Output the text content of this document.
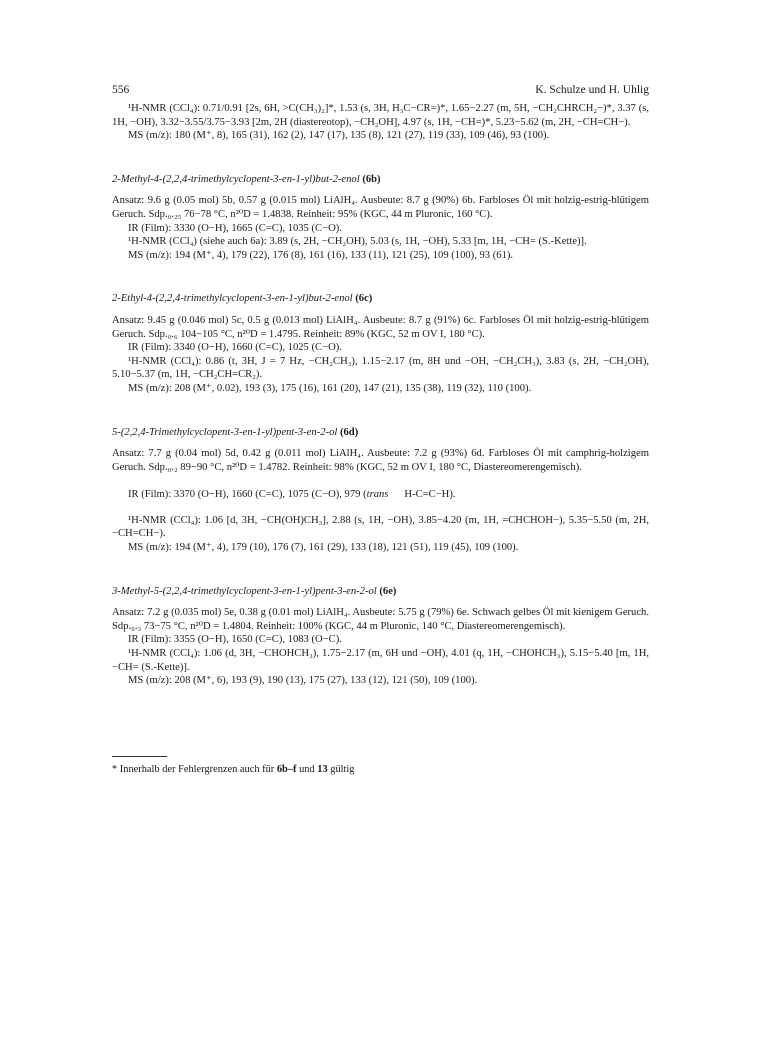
556	K. Schulze und H. Uhlig

¹H-NMR (CCl₄): 0.71/0.91 [2s, 6H, >C(CH₃)₂]*, 1.53 (s, 3H, H₃C−CR=)*, 1.65−2.27 (m, 5H, −CH₂CHRCH₂−)*, 3.37 (s, 1H, −OH), 3.32−3.55/3.75−3.93 [2m, 2H (diastereotop), −CH₂OH], 4.97 (s, 1H, −CH=)*, 5.23−5.62 (m, 2H, −CH=CH−).

MS (m/z): 180 (M⁺, 8), 165 (31), 162 (2), 147 (17), 135 (8), 121 (27), 119 (33), 109 (46), 93 (100).

2-Methyl-4-(2,2,4-trimethylcyclopent-3-en-1-yl)but-2-enol (6b)

Ansatz: 9.6 g (0.05 mol) 5b, 0.57 g (0.015 mol) LiAlH₄. Ausbeute: 8.7 g (90%) 6b. Farbloses Öl mit holzig-estrig-blütigem Geruch. Sdp.₀.₂₅ 76−78 °C, n²⁰D = 1.4838. Reinheit: 95% (KGC, 44 m Pluronic, 160 °C).

IR (Film): 3330 (O−H), 1665 (C=C), 1035 (C−O).

¹H-NMR (CCl₄) (siehe auch 6a): 3.89 (s, 2H, −CH₂OH), 5.03 (s, 1H, −OH), 5.33 [m, 1H, −CH= (S.-Kette)].

MS (m/z): 194 (M⁺, 4), 179 (22), 176 (8), 161 (16), 133 (11), 121 (25), 109 (100), 93 (61).

2-Ethyl-4-(2,2,4-trimethylcyclopent-3-en-1-yl)but-2-enol (6c)

Ansatz: 9.45 g (0.046 mol) 5c, 0.5 g (0.013 mol) LiAlH₄. Ausbeute: 8.7 g (91%) 6c. Farbloses Öl mit holzig-estrig-blütigem Geruch. Sdp.₀.₆ 104−105 °C, n²⁰D = 1.4795. Reinheit: 89% (KGC, 52 m OV I, 180 °C).

IR (Film): 3340 (O−H), 1660 (C=C), 1025 (C−O).

¹H-NMR (CCl₄): 0.86 (t, 3H, J = 7 Hz, −CH₂CH₃), 1.15−2.17 (m, 8H und −OH, −CH₂CH₃), 3.83 (s, 2H, −CH₂OH), 5.10−5.37 (m, 1H, −CH₂CH=CR₂).

MS (m/z): 208 (M⁺, 0.02), 193 (3), 175 (16), 161 (20), 147 (21), 135 (38), 119 (32), 110 (100).

5-(2,2,4-Trimethylcyclopent-3-en-1-yl)pent-3-en-2-ol (6d)

Ansatz: 7.7 g (0.04 mol) 5d, 0.42 g (0.011 mol) LiAlH₄. Ausbeute: 7.2 g (93%) 6d. Farbloses Öl mit camphrig-holzigem Geruch. Sdp.₀.₂ 89−90 °C, n²⁰D = 1.4782. Reinheit: 98% (KGC, 52 m OV I, 180 °C, Diastereomerengemisch).

IR (Film): 3370 (O−H), 1660 (C=C), 1075 (C−O), 979 (transH-C=C−H).

¹H-NMR (CCl₄): 1.06 [d, 3H, −CH(OH)CH₃], 2.88 (s, 1H, −OH), 3.85−4.20 (m, 1H, =CHCHOH−), 5.35−5.50 (m, 2H, −CH=CH−).

MS (m/z): 194 (M⁺, 4), 179 (10), 176 (7), 161 (29), 133 (18), 121 (51), 119 (45), 109 (100).

3-Methyl-5-(2,2,4-trimethylcyclopent-3-en-1-yl)pent-3-en-2-ol (6e)

Ansatz: 7.2 g (0.035 mol) 5e, 0.38 g (0.01 mol) LiAlH₄. Ausbeute: 5.75 g (79%) 6e. Schwach gelbes Öl mit kienigem Geruch. Sdp.₀.₃ 73−75 °C, n²⁰D = 1.4804. Reinheit: 100% (KGC, 44 m Pluronic, 140 °C, Diastereomerengemisch).

IR (Film): 3355 (O−H), 1650 (C=C), 1083 (O−C).

¹H-NMR (CCl₄): 1.06 (d, 3H, −CHOHCH₃), 1.75−2.17 (m, 6H und −OH), 4.01 (q, 1H, −CHOHCH₃), 5.15−5.40 [m, 1H, −CH= (S.-Kette)].

MS (m/z): 208 (M⁺, 6), 193 (9), 190 (13), 175 (27), 133 (12), 121 (50), 109 (100).

* Innerhalb der Fehlergrenzen auch für 6b–f und 13 gültig
